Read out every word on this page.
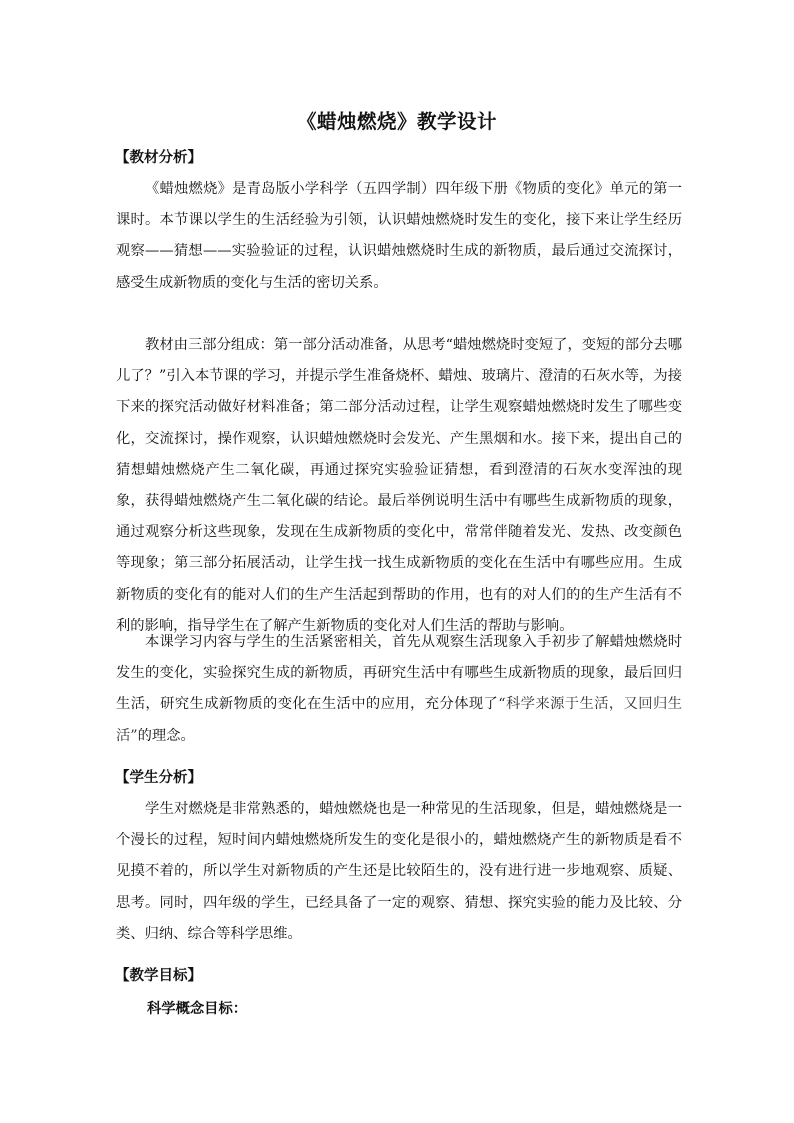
《蜡烛燃烧》教学设计
【教材分析】

《蜡烛燃烧》是青岛版小学科学（五四学制）四年级下册《物质的变化》单元的第一课时。本节课以学生的生活经验为引领，认识蜡烛燃烧时发生的变化，接下来让学生经历观察——猜想——实验验证的过程，认识蜡烛燃烧时生成的新物质，最后通过交流探讨，感受生成新物质的变化与生活的密切关系。

教材由三部分组成：第一部分活动准备，从思考“蜡烛燃烧时变短了，变短的部分去哪儿了？”引入本节课的学习，并提示学生准备烧杯、蜡烛、玻璃片、澄清的石灰水等，为接下来的探究活动做好材料准备；第二部分活动过程，让学生观察蜡烛燃烧时发生了哪些变化，交流探讨，操作观察，认识蜡烛燃烧时会发光、产生黑烟和水。接下来，提出自己的猜想蜡烛燃烧产生二氧化碳，再通过探究实验验证猜想，看到澄清的石灰水变浑浊的现象，获得蜡烛燃烧产生二氧化碳的结论。最后举例说明生活中有哪些生成新物质的现象，通过观察分析这些现象，发现在生成新物质的变化中，常常伴随着发光、发热、改变颜色等现象；第三部分拓展活动，让学生找一找生成新物质的变化在生活中有哪些应用。生成新物质的变化有的能对人们的生产生活起到帮助的作用，也有的对人们的的生产生活有不利的影响，指导学生在了解产生新物质的变化对人们生活的帮助与影响。

本课学习内容与学生的生活紧密相关，首先从观察生活现象入手初步了解蜡烛燃烧时发生的变化，实验探究生成的新物质，再研究生活中有哪些生成新物质的现象，最后回归生活，研究生成新物质的变化在生活中的应用，充分体现了“科学来源于生活，又回归生活”的理念。

【学生分析】

学生对燃烧是非常熟悉的，蜡烛燃烧也是一种常见的生活现象，但是，蜡烛燃烧是一个漫长的过程，短时间内蜡烛燃烧所发生的变化是很小的，蜡烛燃烧产生的新物质是看不见摸不着的，所以学生对新物质的产生还是比较陌生的，没有进行进一步地观察、质疑、思考。同时，四年级的学生，已经具备了一定的观察、猜想、探究实验的能力及比较、分类、归纳、综合等科学思维。

【教学目标】
科学概念目标：
